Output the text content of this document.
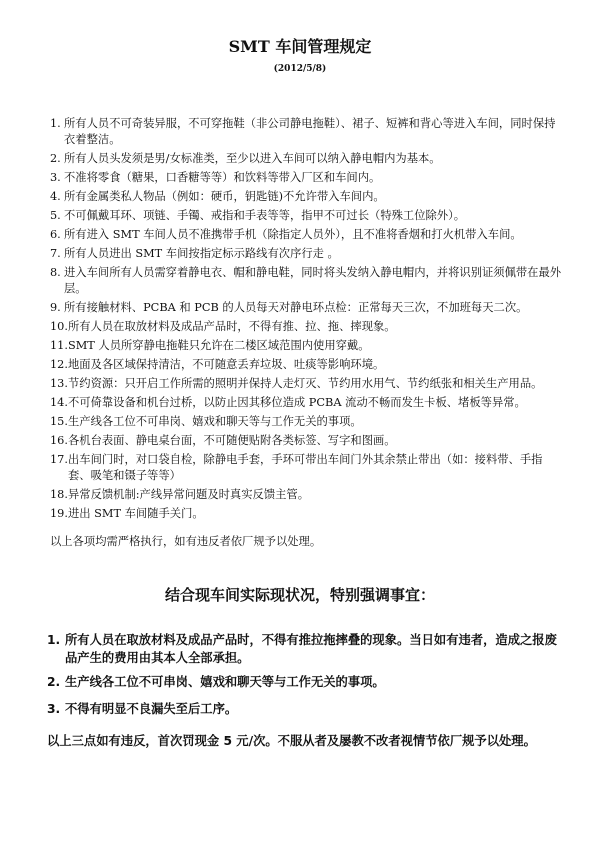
SMT 车间管理规定
(2012/5/8)
1. 所有人员不可奇装异服，不可穿拖鞋（非公司静电拖鞋）、裙子、短裤和背心等进入车间，同时保持衣着整洁。
2. 所有人员头发须是男/女标准类，至少以进入车间可以纳入静电帽内为基本。
3. 不准将零食（糖果，口香糖等等）和饮料等带入厂区和车间内。
4. 所有金属类私人物品（例如：硬币，钥匙链)不允许带入车间内。
5. 不可佩戴耳环、项链、手镯、戒指和手表等等，指甲不可过长（特殊工位除外）。
6. 所有进入 SMT 车间人员不准携带手机（除指定人员外），且不准将香烟和打火机带入车间。
7. 所有人员进出 SMT 车间按指定标示路线有次序行走 。
8. 进入车间所有人员需穿着静电衣、帽和静电鞋，同时将头发纳入静电帽内，并将识别证须佩带在最外层。
9. 所有接触材料、PCBA 和 PCB 的人员每天对静电环点检：正常每天三次，不加班每天二次。
10. 所有人员在取放材料及成品产品时，不得有推、拉、拖、摔现象。
11. SMT 人员所穿静电拖鞋只允许在二楼区域范围内使用穿戴。
12. 地面及各区域保持清洁，不可随意丢弃垃圾、吐痰等影响环境。
13. 节约资源：只开启工作所需的照明并保持人走灯灭、节约用水用气、节约纸张和相关生产用品。
14. 不可倚靠设备和机台过桥，以防止因其移位造成 PCBA 流动不畅而发生卡板、堵板等异常。
15. 生产线各工位不可串岗、嬉戏和聊天等与工作无关的事项。
16. 各机台表面、静电桌台面，不可随便贴附各类标签、写字和图画。
17. 出车间门时，对口袋自检，除静电手套，手环可带出车间门外其余禁止带出（如：接料带、手指套、吸笔和镊子等等）
18. 异常反馈机制:产线异常问题及时真实反馈主管。
19. 进出 SMT 车间随手关门。
以上各项均需严格执行，如有违反者依厂规予以处理。
结合现车间实际现状况，特别强调事宜：
1. 所有人员在取放材料及成品产品时，不得有推拉拖摔叠的现象。当日如有违者，造成之报废品产生的费用由其本人全部承担。
2. 生产线各工位不可串岗、嬉戏和聊天等与工作无关的事项。
3. 不得有明显不良漏失至后工序。
以上三点如有违反，首次罚现金 5 元/次。不服从者及屡教不改者视情节依厂规予以处理。
